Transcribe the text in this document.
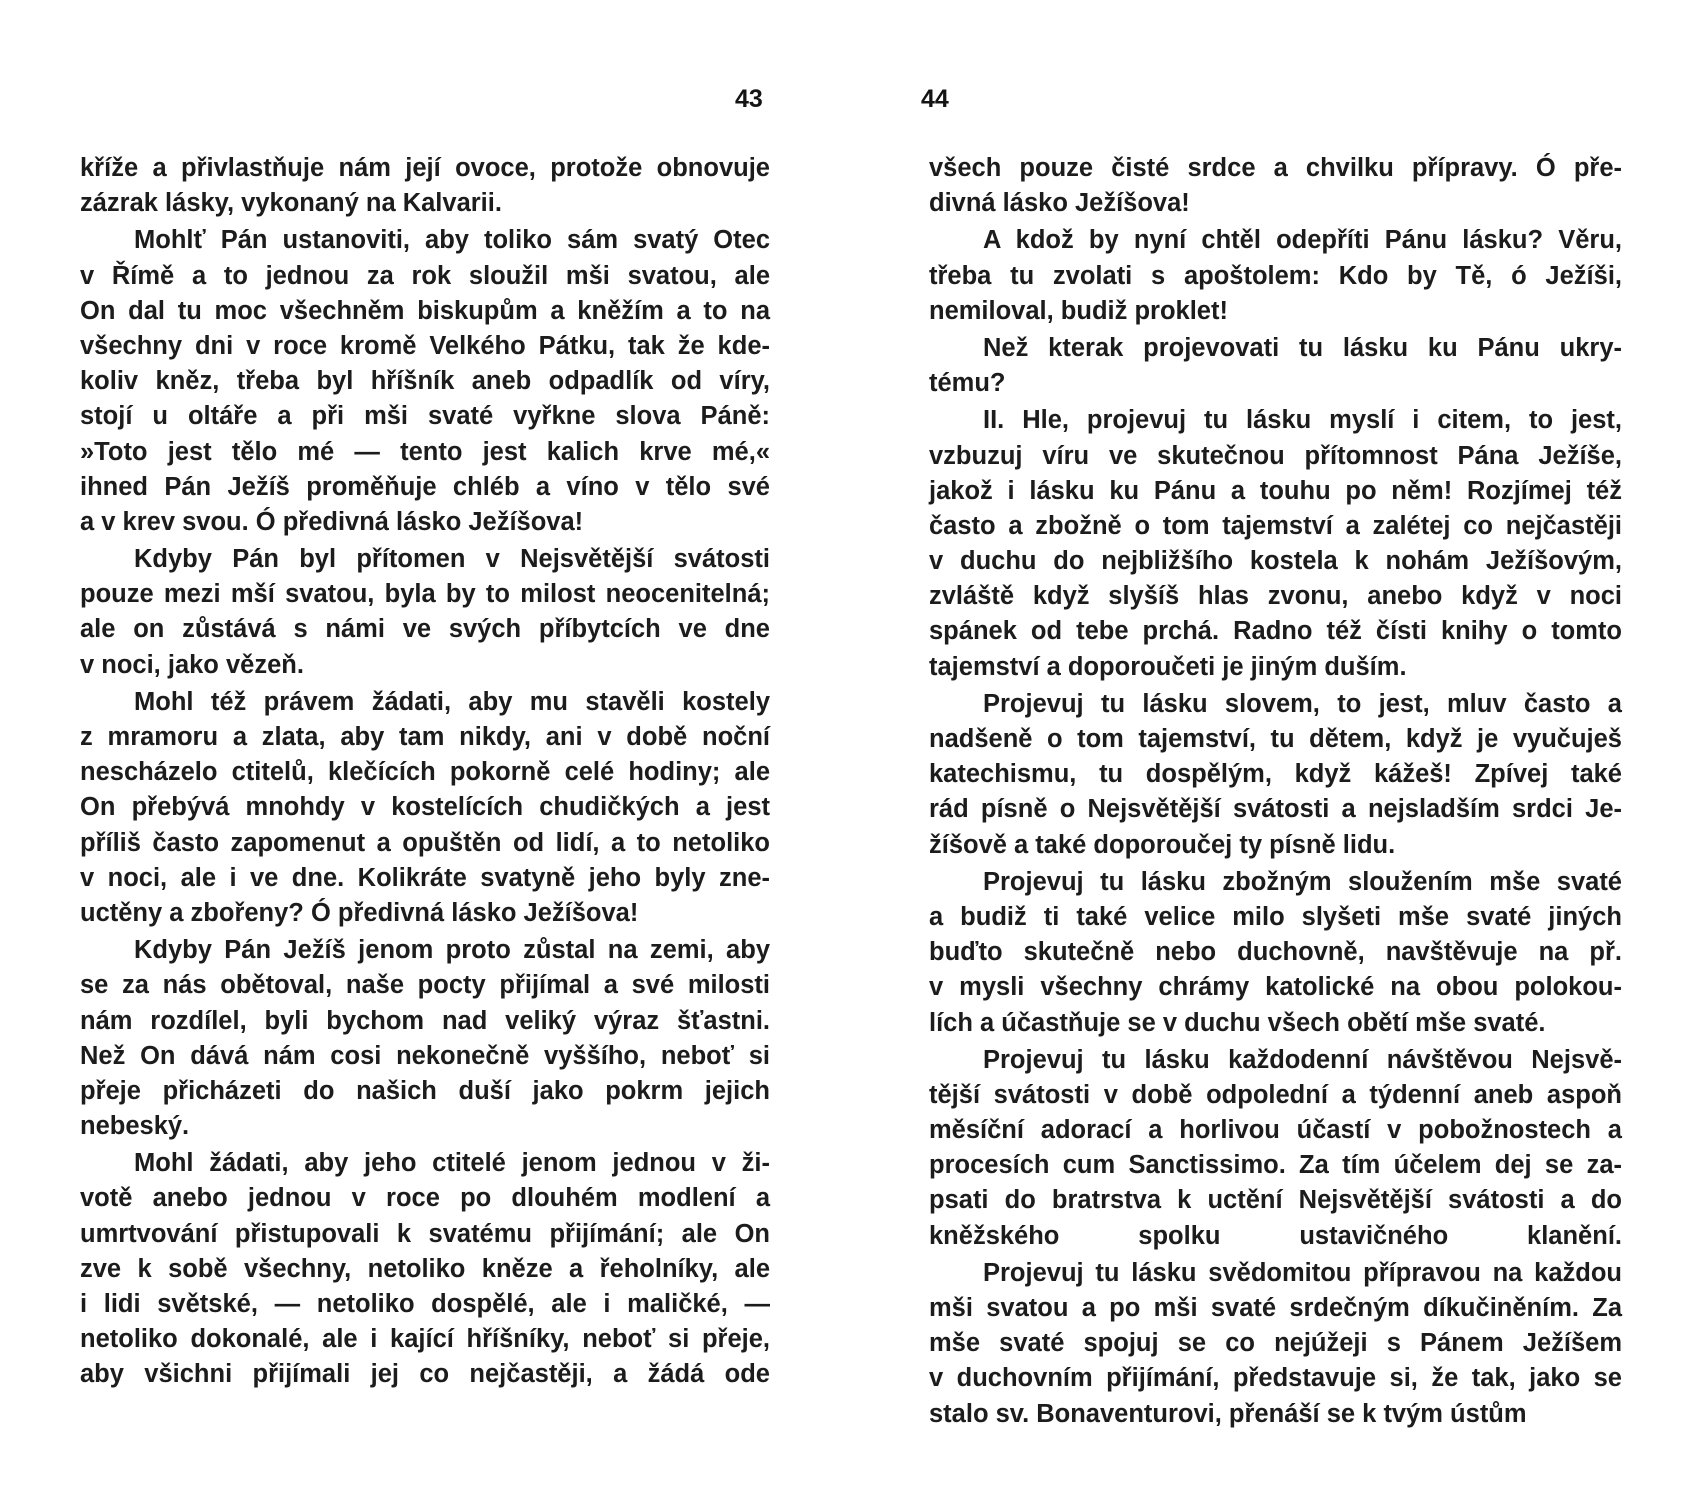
43	44
kříže a přivlastňuje nám její ovoce, protože obnovuje
zázrak lásky, vykonaný na Kalvarii.
Mohlť Pán ustanoviti, aby toliko sám svatý Otec
v Římě a to jednou za rok sloužil mši svatou, ale
On dal tu moc všechněm biskupům a kněžím a to na
všechny dni v roce kromě Velkého Pátku, tak že kde-
koliv kněz, třeba byl hříšník aneb odpadlík od víry,
stojí u oltáře a při mši svaté vyřkne slova Páně:
»Toto jest tělo mé — tento jest kalich krve mé,«
ihned Pán Ježíš proměňuje chléb a víno v tělo své
a v krev svou. Ó předivná lásko Ježíšova!
Kdyby Pán byl přítomen v Nejsvětější svátosti
pouze mezi mší svatou, byla by to milost neocenitelná;
ale on zůstává s námi ve svých příbytcích ve dne
v noci, jako vězeň.
Mohl též právem žádati, aby mu stavěli kostely
z mramoru a zlata, aby tam nikdy, ani v době noční
nescházelo ctitelů, klečících pokorně celé hodiny; ale
On přebývá mnohdy v kostelících chudičkých a jest
příliš často zapomenut a opuštěn od lidí, a to netoliko
v noci, ale i ve dne. Kolikráte svatyně jeho byly zne-
uctěny a zbořeny? Ó předivná lásko Ježíšova!
Kdyby Pán Ježíš jenom proto zůstal na zemi, aby
se za nás obětoval, naše pocty přijímal a své milosti
nám rozdílel, byli bychom nad veliký výraz šťastni.
Než On dává nám cosi nekonečně vyššího, neboť si
přeje přicházeti do našich duší jako pokrm jejich
nebeský.
Mohl žádati, aby jeho ctitelé jenom jednou v ži-
votě anebo jednou v roce po dlouhém modlení a
umrtvování přistupovali k svatému přijímání; ale On
zve k sobě všechny, netoliko kněze a řeholníky, ale
i lidi světské, — netoliko dospělé, ale i maličké, —
netoliko dokonalé, ale i kající hříšníky, neboť si přeje,
aby všichni přijímali jej co nejčastěji, a žádá ode
všech pouze čisté srdce a chvilku přípravy. Ó pře-
divná lásko Ježíšova!
A kdož by nyní chtěl odepříti Pánu lásku? Věru,
třeba tu zvolati s apoštolem: Kdo by Tě, ó Ježíši,
nemiloval, budiž proklet!
Než kterak projevovati tu lásku ku Pánu ukry-
tému?
II. Hle, projevuj tu lásku myslí i citem, to jest,
vzbuzuj víru ve skutečnou přítomnost Pána Ježíše,
jakož i lásku ku Pánu a touhu po něm! Rozjímej též
často a zbožně o tom tajemství a zalétej co nejčastěji
v duchu do nejbližšího kostela k nohám Ježíšovým,
zvláště když slyšíš hlas zvonu, anebo když v noci
spánek od tebe prchá. Radno též čísti knihy o tomto
tajemství a doporoučeti je jiným duším.
Projevuj tu lásku slovem, to jest, mluv často a
nadšeně o tom tajemství, tu dětem, když je vyučuješ
katechismu, tu dospělým, když kážeš! Zpívej také
rád písně o Nejsvětější svátosti a nejsladším srdci Je-
žíšově a také doporoučej ty písně lidu.
Projevuj tu lásku zbožným sloužením mše svaté
a budiž ti také velice milo slyšeti mše svaté jiných
buďto skutečně nebo duchovně, navštěvuje na př.
v mysli všechny chrámy katolické na obou polokou-
lích a účastňuje se v duchu všech obětí mše svaté.
Projevuj tu lásku každodenní návštěvou Nejsvě-
tější svátosti v době odpolední a týdenní aneb aspoň
měsíční adorací a horlivou účastí v pobožnostech a
procesích cum Sanctissimo. Za tím účelem dej se za-
psati do bratrstva k uctění Nejsvětější svátosti a do
kněžského spolku ustavičného klanění.
Projevuj tu lásku svědomitou přípravou na každou
mši svatou a po mši svaté srdečným díkučiněním. Za
mše svaté spojuj se co nejúžeji s Pánem Ježíšem
v duchovním přijímání, představuje si, že tak, jako se
stalo sv. Bonaventurovi, přenáší se k tvým ústům
